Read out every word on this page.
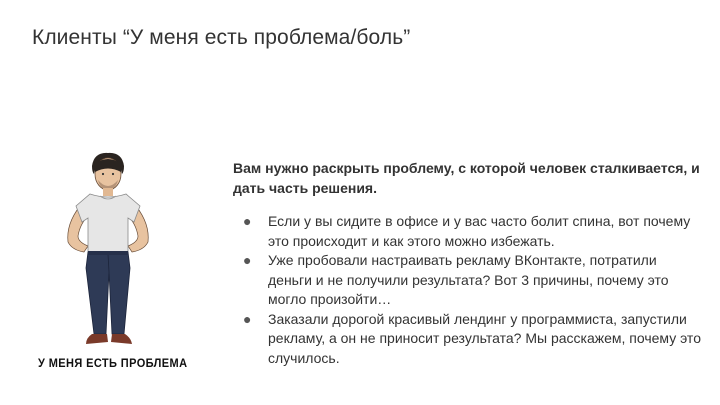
Клиенты “У меня есть проблема/боль”
У МЕНЯ ЕСТЬ ПРОБЛЕМА

Вам нужно раскрыть проблему, с которой человек сталкивается, и дать часть решения.

● Если у вы сидите в офисе и у вас часто болит спина, вот почему это происходит и как этого можно избежать.
● Уже пробовали настраивать рекламу ВКонтакте, потратили деньги и не получили результата? Вот 3 причины, почему это могло произойти…
● Заказали дорогой красивый лендинг у программиста, запустили рекламу, а он не приносит результата? Мы расскажем, почему это случилось.
